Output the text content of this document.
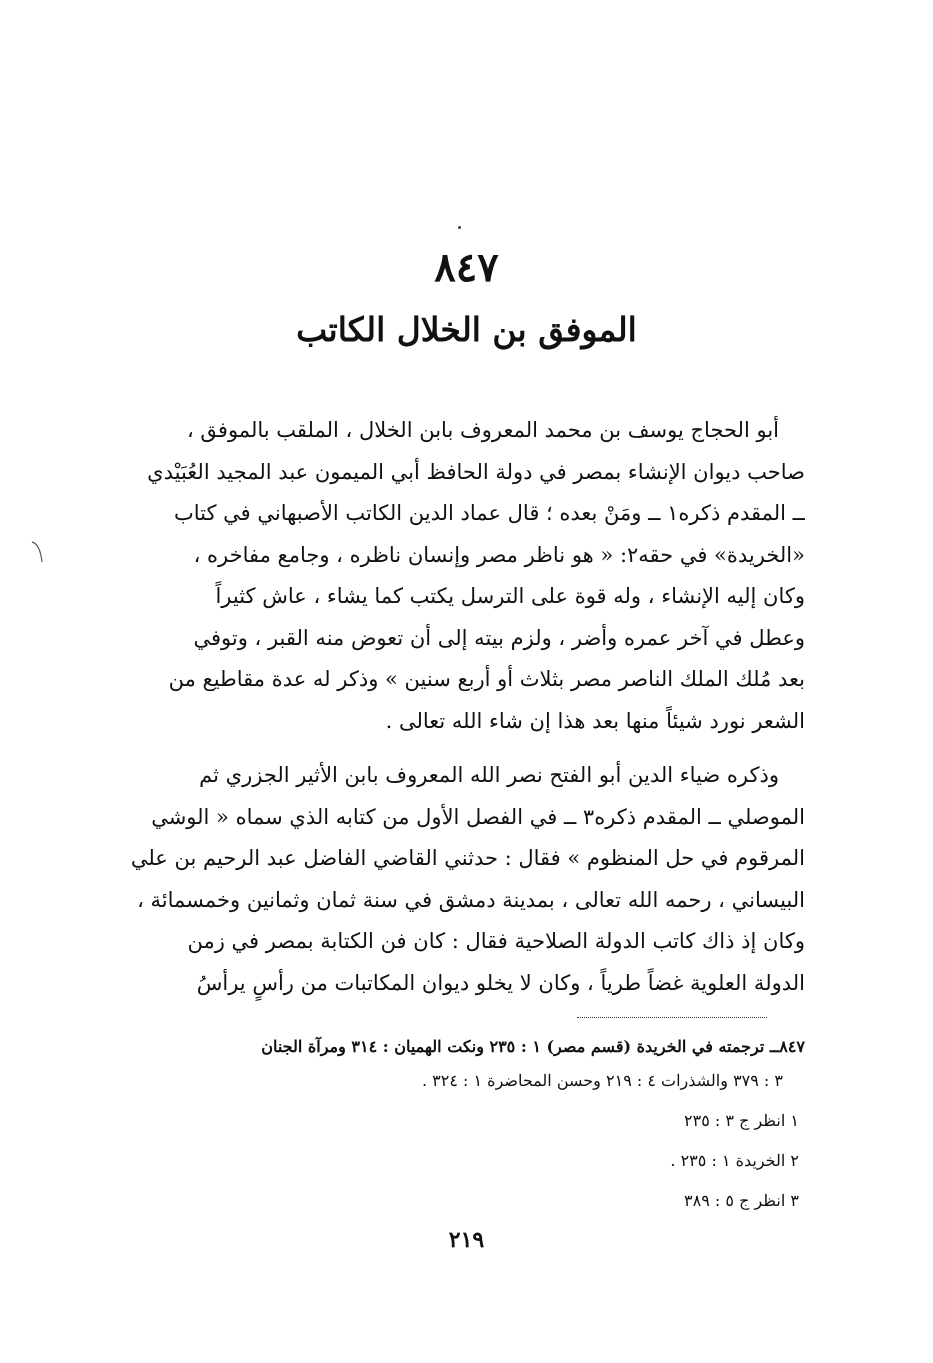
٨٤٧
الموفق بن الخلال الكاتب
أبو الحجاج يوسف بن محمد المعروف بابن الخلال ، الملقب بالموفق ،
صاحب ديوان الإنشاء بمصر في دولة الحافظ أبي الميمون عبد المجيد العُبَيْدي
ــ المقدم ذكره١ ــ ومَنْ بعده ؛ قال عماد الدين الكاتب الأصبهاني في كتاب
«الخريدة» في حقه٢: « هو ناظر مصر وإنسان ناظره ، وجامع مفاخره ،
وكان إليه الإنشاء ، وله قوة على الترسل يكتب كما يشاء ، عاش كثيراً
وعطل في آخر عمره وأضر ، ولزم بيته إلى أن تعوض منه القبر ، وتوفي
بعد مُلك الملك الناصر مصر بثلاث أو أربع سنين » وذكر له عدة مقاطيع من
الشعر نورد شيئاً منها بعد هذا إن شاء الله تعالى .
وذكره ضياء الدين أبو الفتح نصر الله المعروف بابن الأثير الجزري ثم
الموصلي ــ المقدم ذكره٣ ــ في الفصل الأول من كتابه الذي سماه « الوشي
المرقوم في حل المنظوم » فقال : حدثني القاضي الفاضل عبد الرحيم بن علي
البيساني ، رحمه الله تعالى ، بمدينة دمشق في سنة ثمان وثمانين وخمسمائة ،
وكان إذ ذاك كاتب الدولة الصلاحية فقال : كان فن الكتابة بمصر في زمن
الدولة العلوية غضاً طرياً ، وكان لا يخلو ديوان المكاتبات من رأسٍ يرأسُ
٨٤٧ــ ترجمته في الخريدة (قسم مصر) ١ : ٢٣٥ ونكت الهميان : ٣١٤ ومرآة الجنان
٣ : ٣٧٩ والشذرات ٤ : ٢١٩ وحسن المحاضرة ١ : ٣٢٤ .
١ انظر ج ٣ : ٢٣٥
٢ الخريدة ١ : ٢٣٥ .
٣ انظر ج ٥ : ٣٨٩
٢١٩
